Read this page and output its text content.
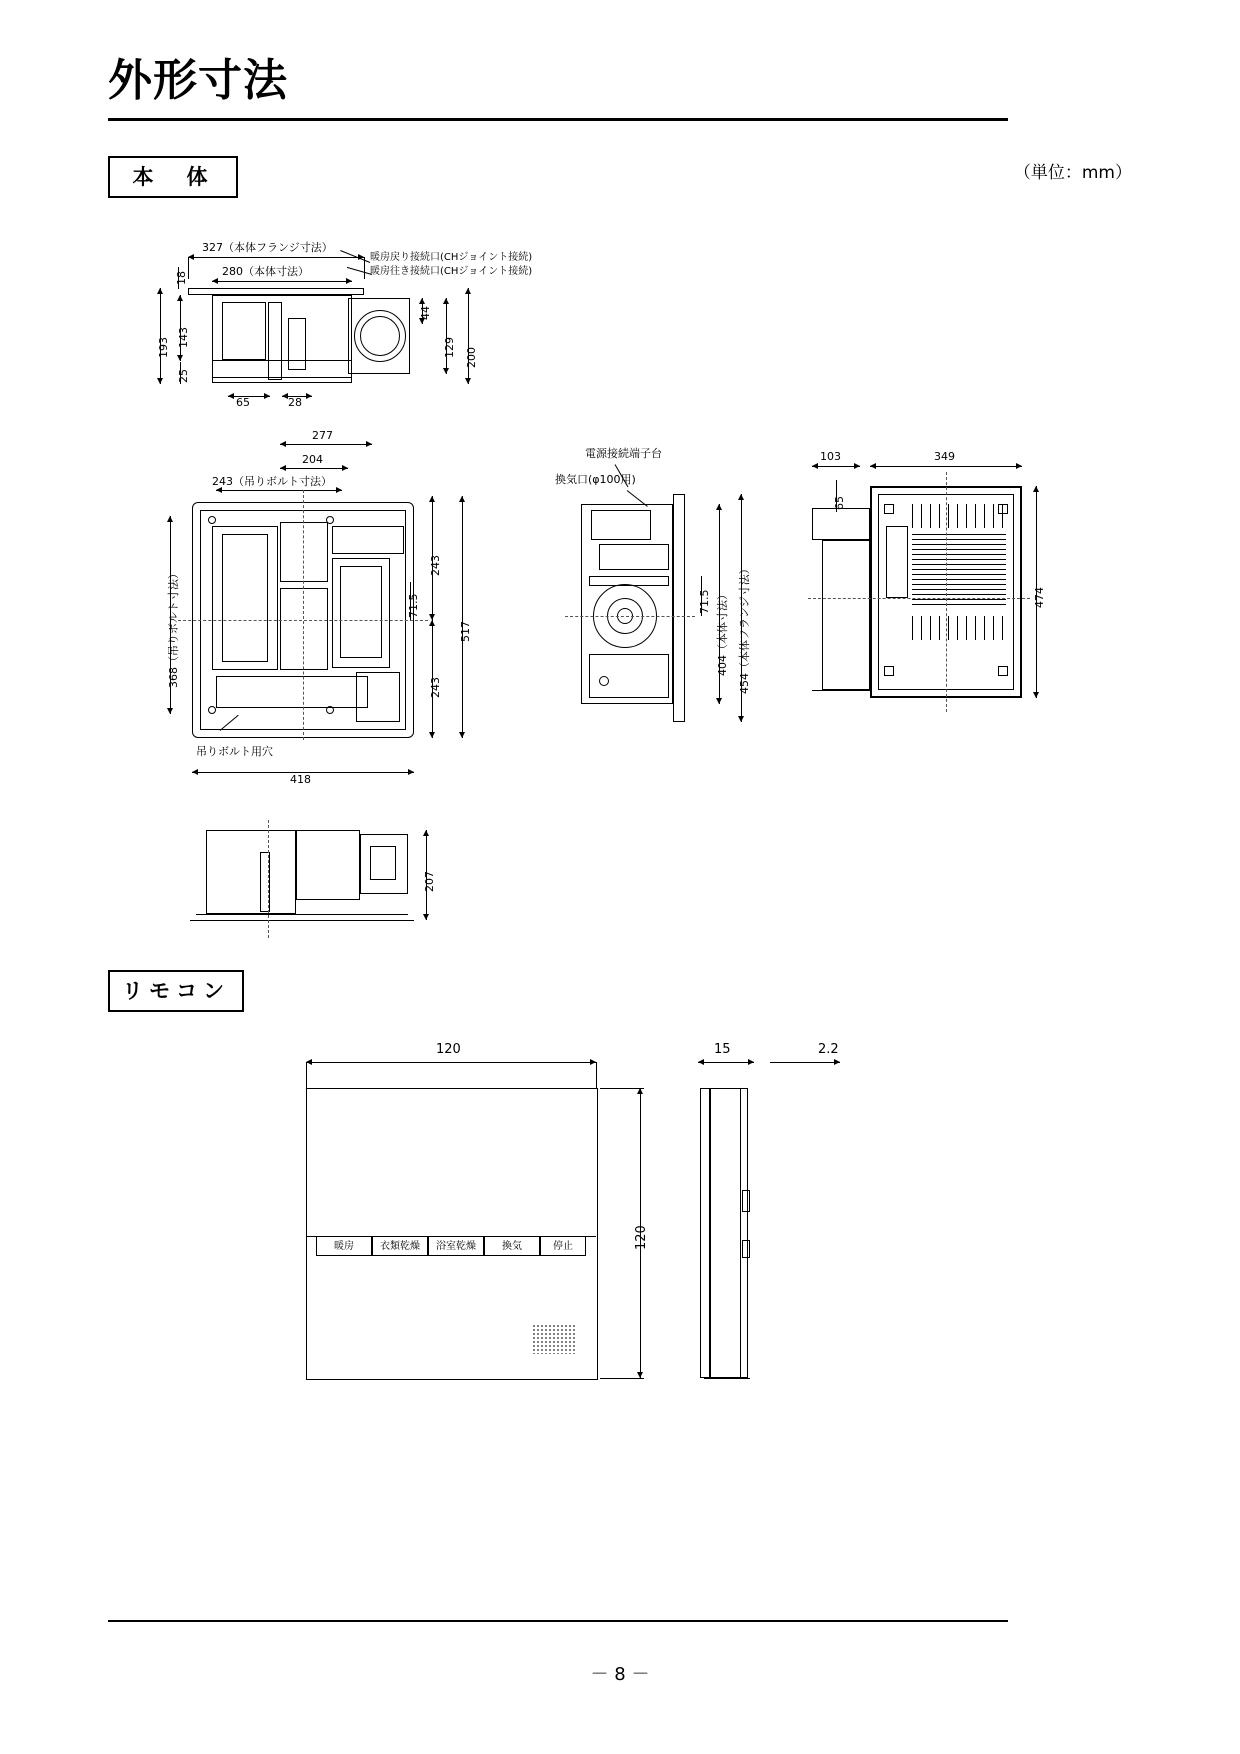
外形寸法
本　体	（単位：mm）
327（本体フランジ寸法）
280（本体寸法）
暖房戻り接続口(CHジョイント接続)
暖房往き接続口(CHジョイント接続)
44
129 200
18
193 143
25
65	28
277
204
243（吊りボルト寸法）
368（吊りボルト寸法）
243
243
71.5
517
吊りボルト用穴
418
電源接続端子台
換気口(φ100用)
71.5 404（本体寸法） 454（本体フランジ寸法）
103	349
65
474
207
リモコン
120
暖房	衣類乾燥	浴室乾燥	換気	停止	120
15	2.2
－ 8 －
